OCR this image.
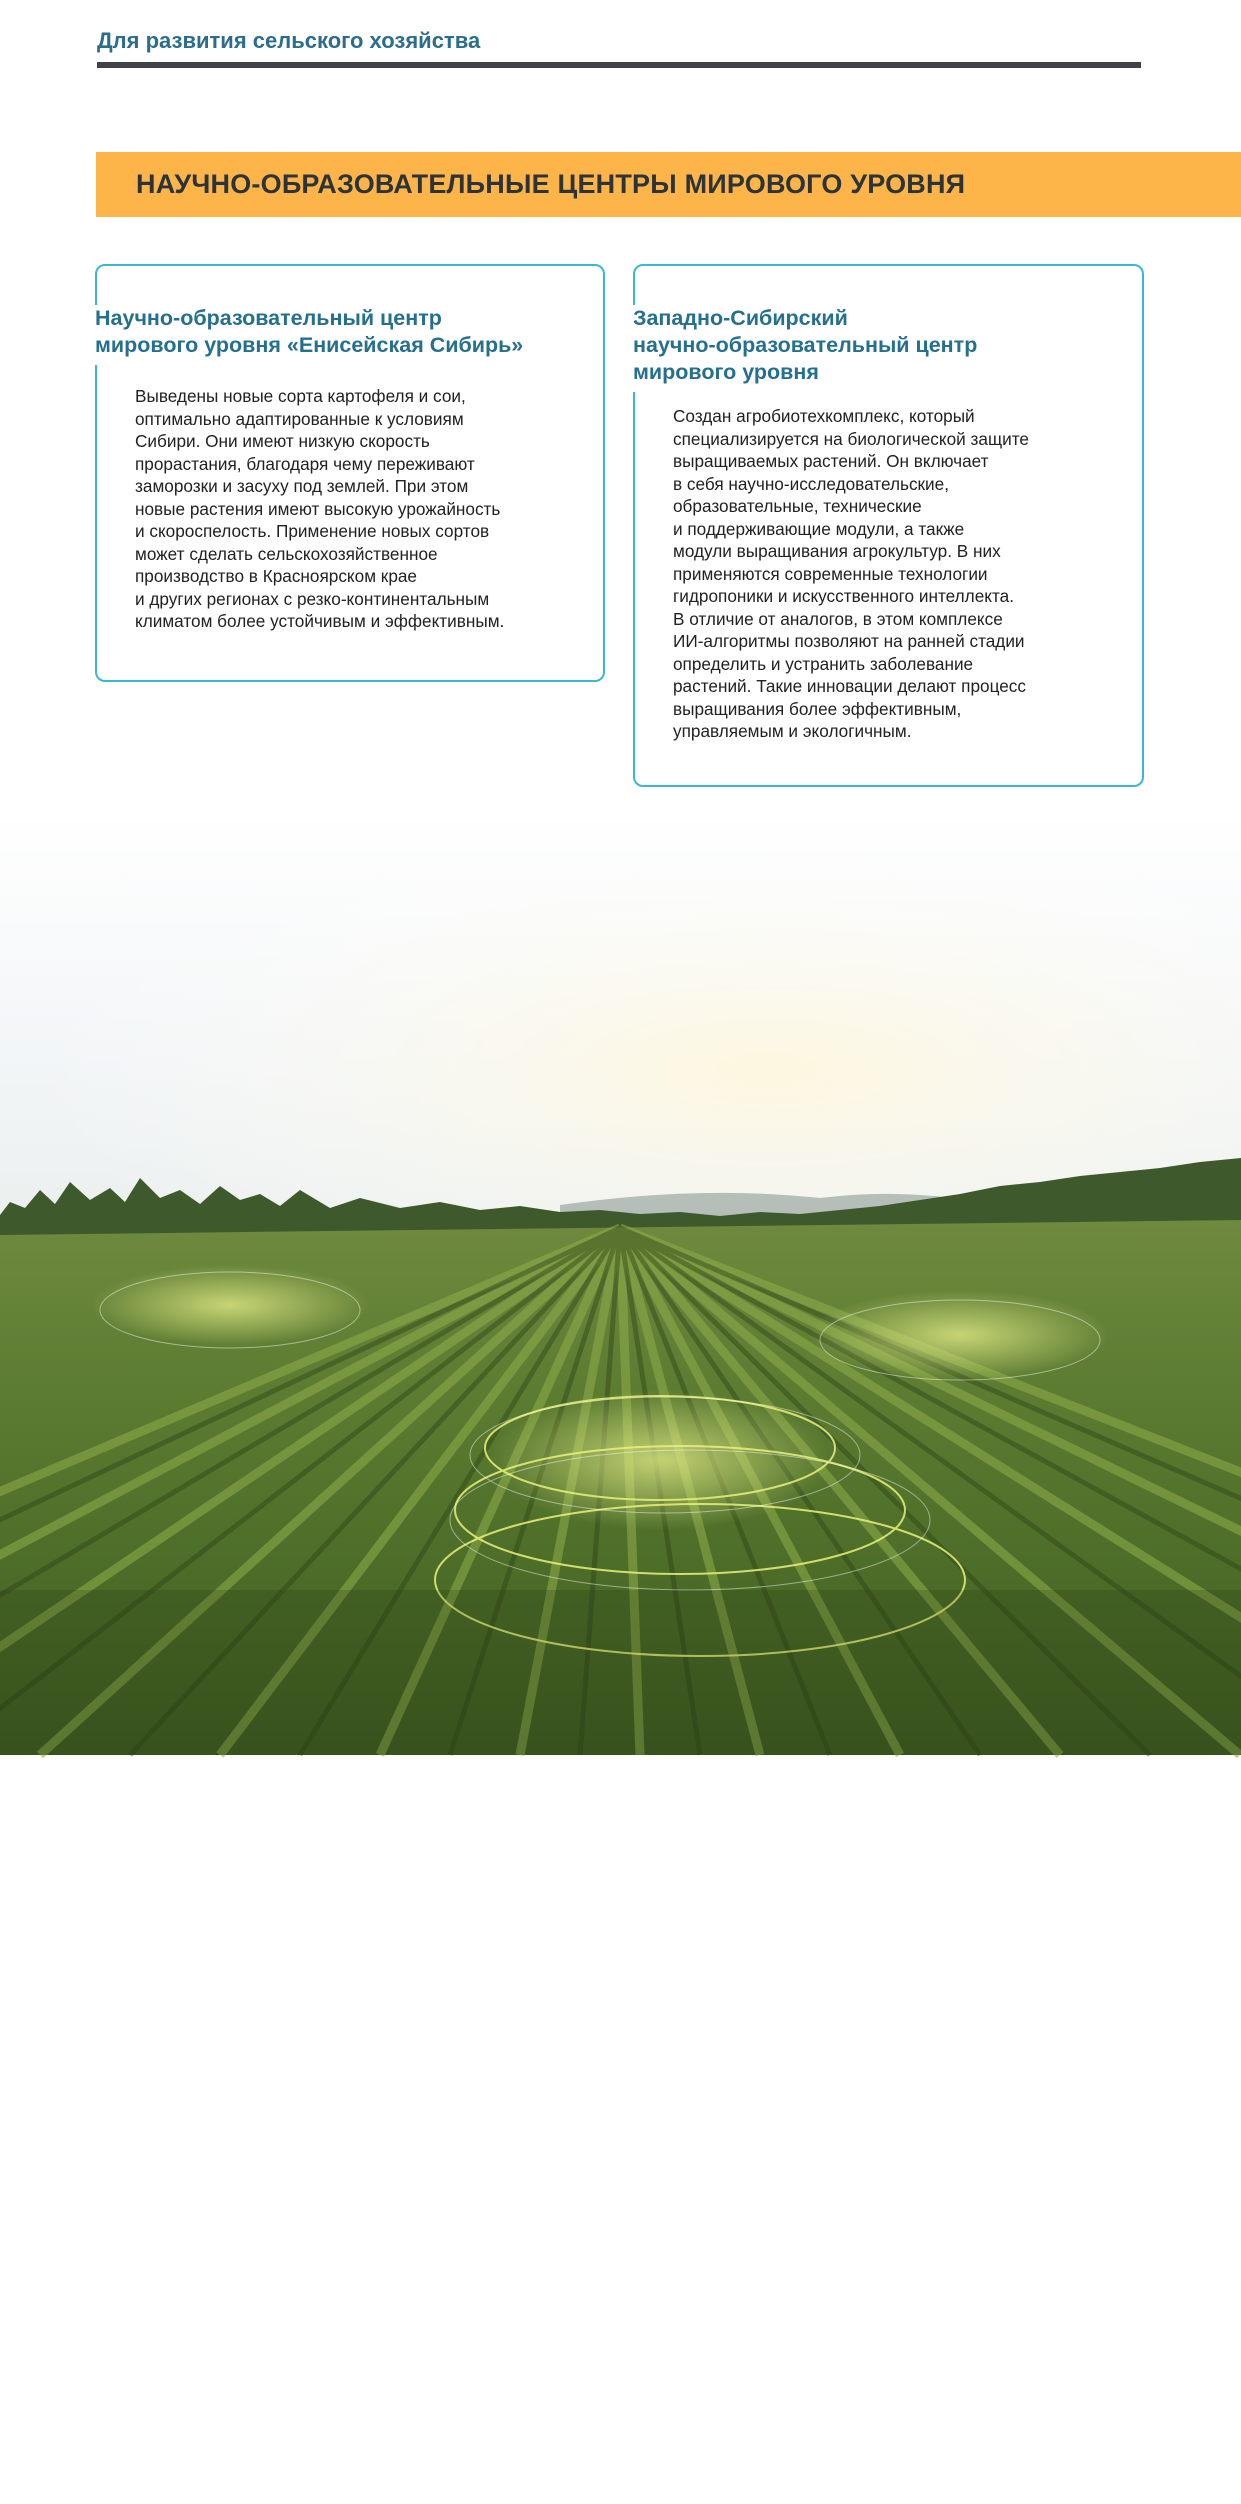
Для развития сельского хозяйства
НАУЧНО-ОБРАЗОВАТЕЛЬНЫЕ ЦЕНТРЫ МИРОВОГО УРОВНЯ
Научно-образовательный центр
мирового уровня «Енисейская Сибирь»
Выведены новые сорта картофеля и сои,
оптимально адаптированные к условиям
Сибири. Они имеют низкую скорость
прорастания, благодаря чему переживают
заморозки и засуху под землей. При этом
новые растения имеют высокую урожайность
и скороспелость. Применение новых сортов
может сделать сельскохозяйственное
производство в Красноярском крае
и других регионах с резко-континентальным
климатом более устойчивым и эффективным.
Западно-Сибирский
научно-образовательный центр
мирового уровня
Создан агробиотехкомплекс, который
специализируется на биологической защите
выращиваемых растений. Он включает
в себя научно-исследовательские,
образовательные, технические
и поддерживающие модули, а также
модули выращивания агрокультур. В них
применяются современные технологии
гидропоники и искусственного интеллекта.
В отличие от аналогов, в этом комплексе
ИИ-алгоритмы позволяют на ранней стадии
определить и устранить заболевание
растений. Такие инновации делают процесс
выращивания более эффективным,
управляемым и экологичным.
20
